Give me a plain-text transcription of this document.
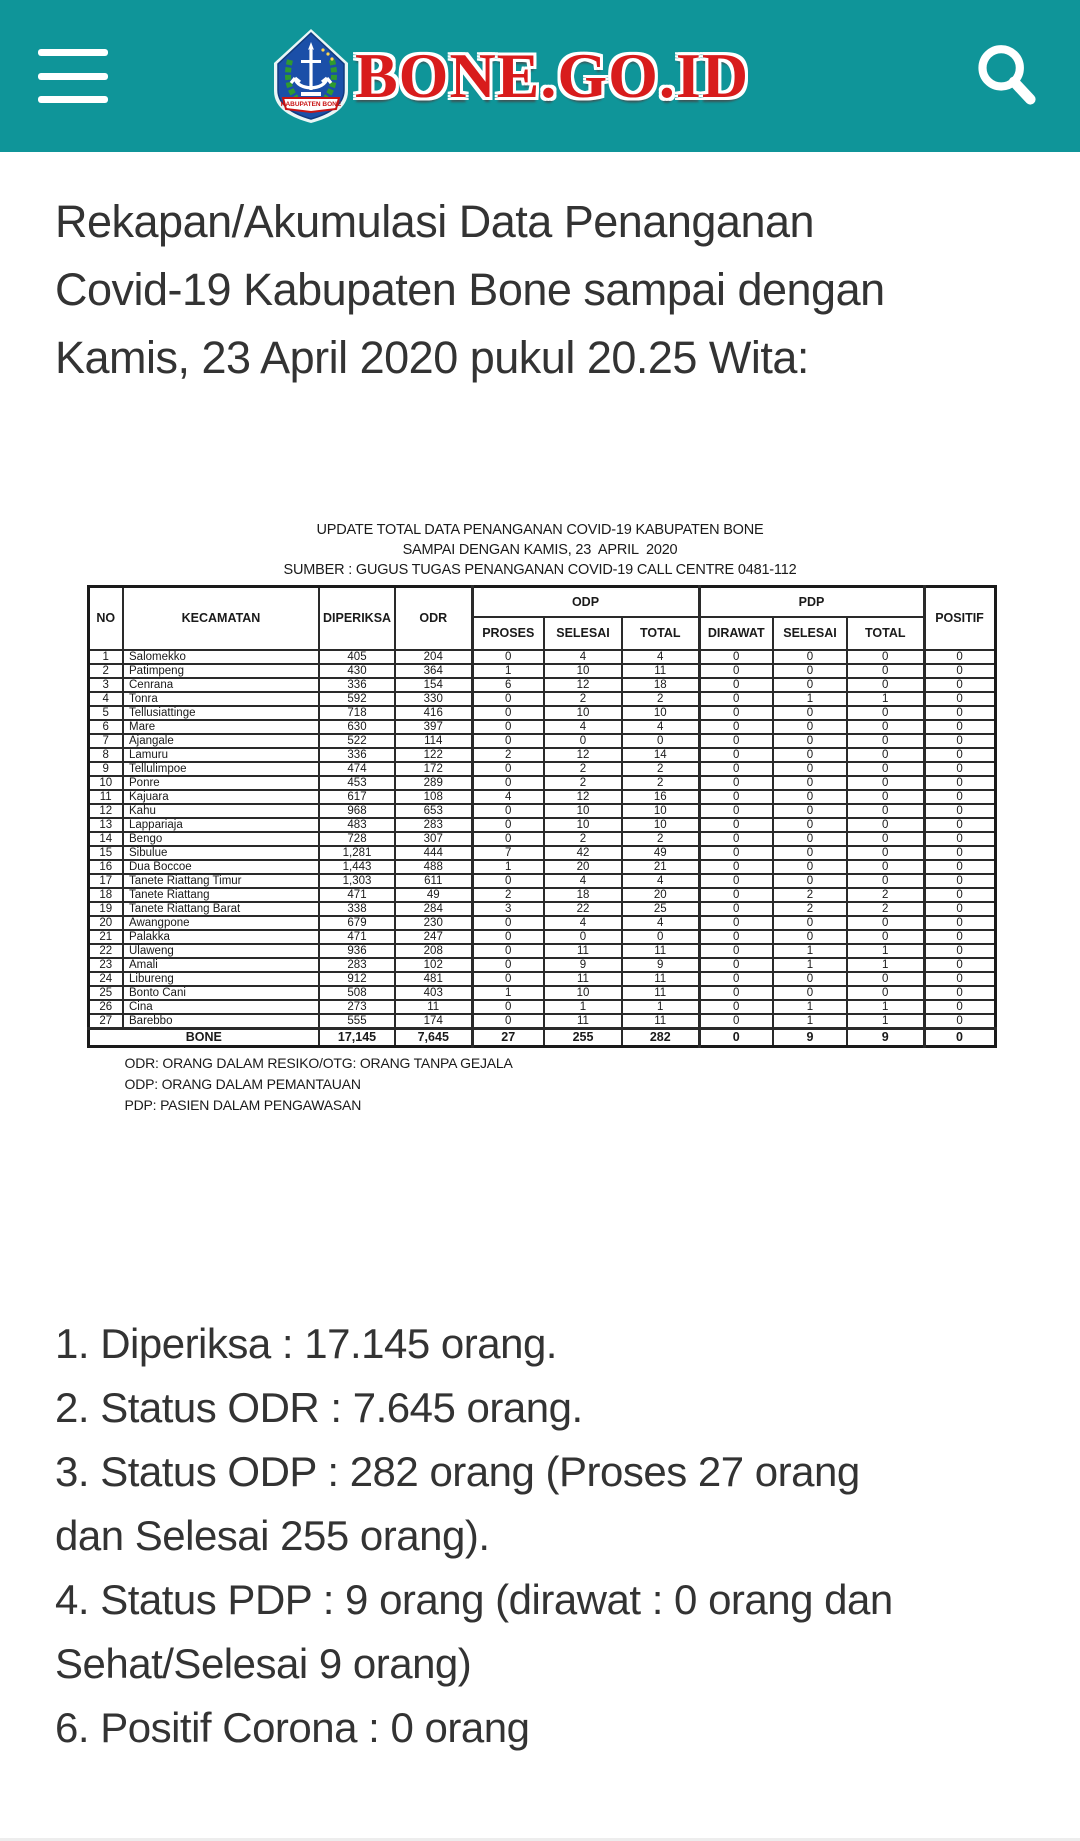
KABUPATEN BONE BONE.GO.ID
Rekapan/Akumulasi Data Penanganan
Covid-19 Kabupaten Bone sampai dengan
Kamis, 23 April 2020 pukul 20.25 Wita:
UPDATE TOTAL DATA PENANGANAN COVID-19 KABUPATEN BONE
SAMPAI DENGAN KAMIS, 23  APRIL  2020
SUMBER : GUGUS TUGAS PENANGANAN COVID-19 CALL CENTRE 0481-112
NO	KECAMATAN	DIPERIKSA	ODR	ODP			PDP			POSITIF
				PROSES	SELESAI	TOTAL	DIRAWAT	SELESAI	TOTAL	
1	Salomekko	405	204	0	4	4	0	0	0	0
2	Patimpeng	430	364	1	10	11	0	0	0	0
3	Cenrana	336	154	6	12	18	0	0	0	0
4	Tonra	592	330	0	2	2	0	1	1	0
5	Tellusiattinge	718	416	0	10	10	0	0	0	0
6	Mare	630	397	0	4	4	0	0	0	0
7	Ajangale	522	114	0	0	0	0	0	0	0
8	Lamuru	336	122	2	12	14	0	0	0	0
9	Tellulimpoe	474	172	0	2	2	0	0	0	0
10	Ponre	453	289	0	2	2	0	0	0	0
11	Kajuara	617	108	4	12	16	0	0	0	0
12	Kahu	968	653	0	10	10	0	0	0	0
13	Lappariaja	483	283	0	10	10	0	0	0	0
14	Bengo	728	307	0	2	2	0	0	0	0
15	Sibulue	1,281	444	7	42	49	0	0	0	0
16	Dua Boccoe	1,443	488	1	20	21	0	0	0	0
17	Tanete Riattang Timur	1,303	611	0	4	4	0	0	0	0
18	Tanete Riattang	471	49	2	18	20	0	2	2	0
19	Tanete Riattang Barat	338	284	3	22	25	0	2	2	0
20	Awangpone	679	230	0	4	4	0	0	0	0
21	Palakka	471	247	0	0	0	0	0	0	0
22	Ulaweng	936	208	0	11	11	0	1	1	0
23	Amali	283	102	0	9	9	0	1	1	0
24	Libureng	912	481	0	11	11	0	0	0	0
25	Bonto Cani	508	403	1	10	11	0	0	0	0
26	Cina	273	11	0	1	1	0	1	1	0
27	Barebbo	555	174	0	11	11	0	1	1	0
BONE		17,145	7,645	27	255	282	0	9	9	0
ODR: ORANG DALAM RESIKO/OTG: ORANG TANPA GEJALA
ODP: ORANG DALAM PEMANTAUAN
PDP: PASIEN DALAM PENGAWASAN
1. Diperiksa : 17.145 orang.
2. Status ODR : 7.645 orang.
3. Status ODP : 282 orang (Proses 27 orang dan Selesai 255 orang).
4. Status PDP : 9 orang (dirawat : 0 orang dan Sehat/Selesai 9 orang)
6. Positif Corona : 0 orang
